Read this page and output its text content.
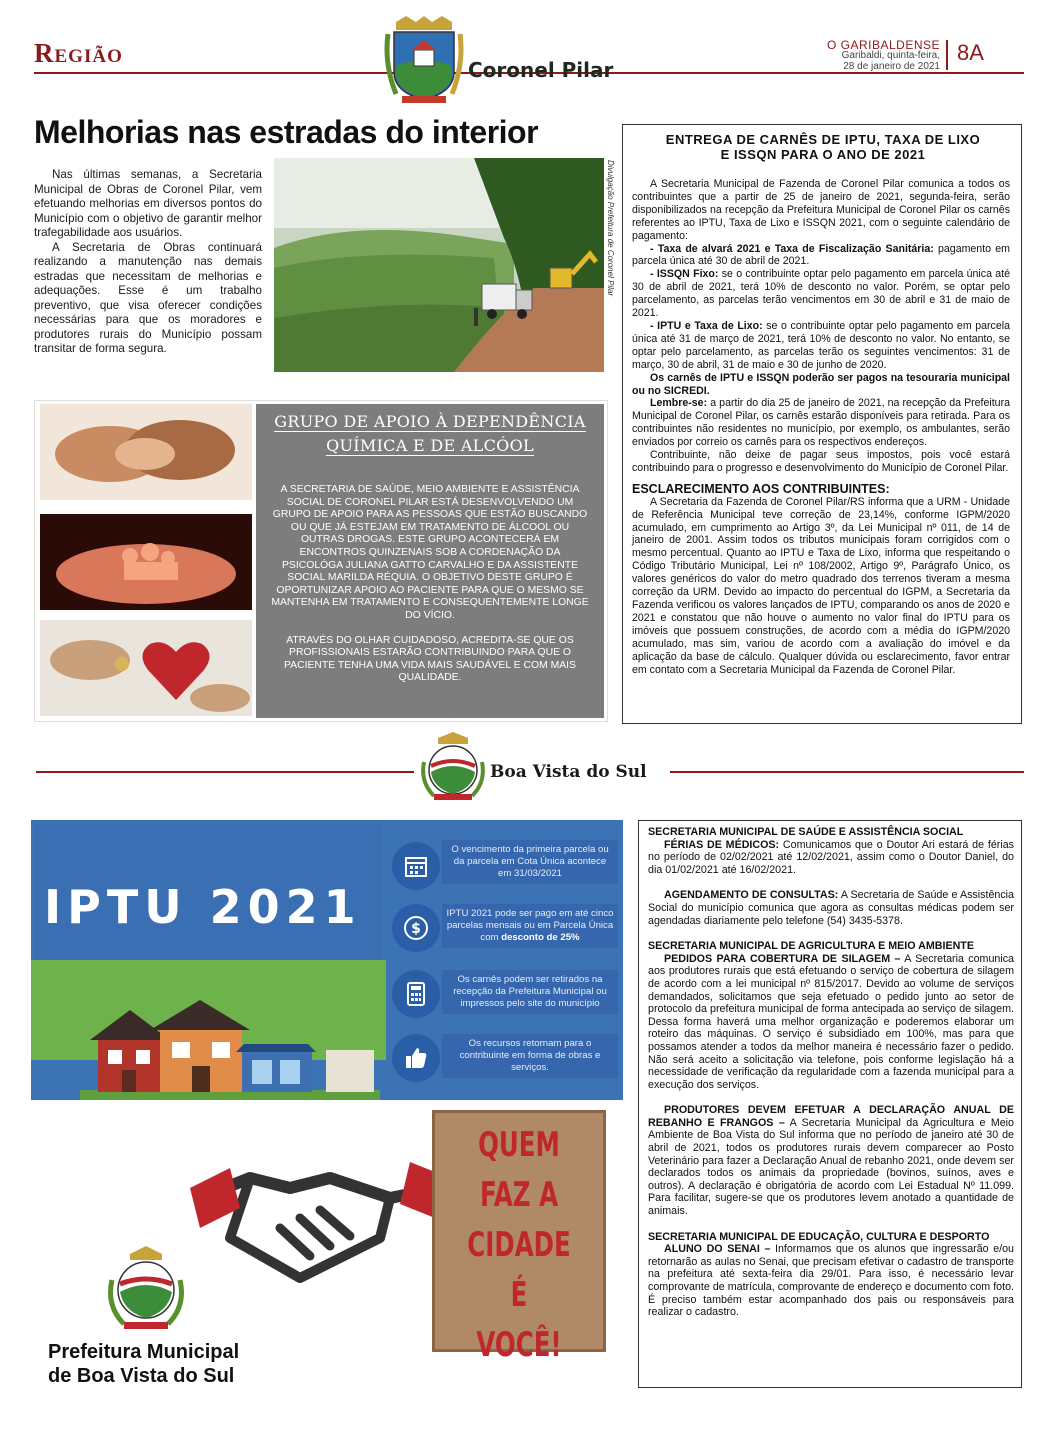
Região
Coronel Pilar
O GARIBALDENSE
Garibaldi, quinta-feira,
28 de janeiro de 2021
8A
Melhorias nas estradas do interior

Nas últimas semanas, a Secretaria Municipal de Obras de Coronel Pilar, vem efetuando melhorias em diversos pontos do Município com o objetivo de garantir melhor trafegabilidade aos usuários.

A Secretaria de Obras continuará realizando a manutenção nas demais estradas que necessitam de melhorias e adequações. Esse é um trabalho preventivo, que visa oferecer condições necessárias para que os moradores e produtores rurais do Município possam transitar de forma segura.

Divulgação Prefeitura de Coronel Pilar
GRUPO DE APOIO À DEPENDÊNCIA
QUÍMICA E DE ALCÓOL

A SECRETARIA DE SAÚDE, MEIO AMBIENTE E ASSISTÊNCIA SOCIAL DE CORONEL PILAR ESTÁ DESENVOLVENDO UM GRUPO DE APOIO PARA AS PESSOAS QUE ESTÃO BUSCANDO OU QUE JÁ ESTEJAM EM TRATAMENTO DE ÁLCOOL OU OUTRAS DROGAS. ESTE GRUPO ACONTECERÁ EM ENCONTROS QUINZENAIS SOB A CORDENAÇÃO DA PSICOLÓGA JULIANA GATTO CARVALHO E DA ASSISTENTE SOCIAL MARILDA RÉQUIA. O OBJETIVO DESTE GRUPO É OPORTUNIZAR APOIO AO PACIENTE PARA QUE O MESMO SE MANTENHA EM TRATAMENTO E CONSEQUENTEMENTE LONGE DO VÍCIO.

ATRAVÉS DO OLHAR CUIDADOSO, ACREDITA-SE QUE OS PROFISSIONAIS ESTARÃO CONTRIBUINDO PARA QUE O PACIENTE TENHA UMA VIDA MAIS SAUDÁVEL E COM MAIS QUALIDADE.

ENTREGA DE CARNÊS DE IPTU, TAXA DE LIXO
E ISSQN PARA O ANO DE 2021

A Secretaria Municipal de Fazenda de Coronel Pilar comunica a todos os contribuintes que a partir de 25 de janeiro de 2021, segunda-feira, serão disponibilizados na recepção da Prefeitura Municipal de Coronel Pilar os carnês referentes ao IPTU, Taxa de Lixo e ISSQN 2021, com o seguinte calendário de pagamento:

- Taxa de alvará 2021 e Taxa de Fiscalização Sanitária: pagamento em parcela única até 30 de abril de 2021.

- ISSQN Fixo: se o contribuinte optar pelo pagamento em parcela única até 30 de abril de 2021, terá 10% de desconto no valor. Porém, se optar pelo parcelamento, as parcelas terão vencimentos em 30 de abril e 31 de maio de 2021.

- IPTU e Taxa de Lixo: se o contribuinte optar pelo pagamento em parcela única até 31 de março de 2021, terá 10% de desconto no valor. No entanto, se optar pelo parcelamento, as parcelas terão os seguintes vencimentos: 31 de março, 30 de abril, 31 de maio e 30 de junho de 2020.

Os carnês de IPTU e ISSQN poderão ser pagos na tesouraria municipal ou no SICREDI.

Lembre-se: a partir do dia 25 de janeiro de 2021, na recepção da Prefeitura Municipal de Coronel Pilar, os carnês estarão disponíveis para retirada. Para os contribuintes não residentes no município, por exemplo, os ambulantes, serão enviados por correio os carnês para os respectivos endereços.

Contribuinte, não deixe de pagar seus impostos, pois você estará contribuindo para o progresso e desenvolvimento do Município de Coronel Pilar.

ESCLARECIMENTO AOS CONTRIBUINTES:

A Secretaria da Fazenda de Coronel Pilar/RS informa que a URM - Unidade de Referência Municipal teve correção de 23,14%, conforme IGPM/2020 acumulado, em cumprimento ao Artigo 3º, da Lei Municipal nº 011, de 14 de janeiro de 2001. Assim todos os tributos municipais foram corrigidos com o mesmo percentual. Quanto ao IPTU e Taxa de Lixo, informa que respeitando o Código Tributário Municipal, Lei nº 108/2002, Artigo 9º, Parágrafo Único, os valores genéricos do valor do metro quadrado dos terrenos tiveram a mesma correção da URM. Devido ao impacto do percentual do IGPM, a Secretaria da Fazenda verificou os valores lançados de IPTU, comparando os anos de 2020 e 2021 e constatou que não houve o aumento no valor final do IPTU para os imóveis que possuem construções, de acordo com a média do IGPM/2020 acumulado, mas sim, variou de acordo com a avaliação do imóvel e da aplicação da base de cálculo. Qualquer dúvida ou esclarecimento, favor entrar em contato com a Secretaria Municipal da Fazenda de Coronel Pilar.

Boa Vista do Sul
IPTU 2021
O vencimento da primeira parcela ou da parcela em Cota Única acontece em 31/03/2021
$
IPTU 2021 pode ser pago em até cinco parcelas mensais ou em Parcela Única com desconto de 25%
Os carnês podem ser retirados na recepção da Prefeitura Municipal ou impressos pelo site do município
Os recursos retornam para o contribuinte em forma de obras e serviços.
QUEM
FAZ A
CIDADE É
VOCÊ!
Prefeitura Municipal
de Boa Vista do Sul
SECRETARIA MUNICIPAL DE SAÚDE E ASSISTÊNCIA SOCIAL

FÉRIAS DE MÉDICOS: Comunicamos que o Doutor Ari estará de férias no período de 02/02/2021 até 12/02/2021, assim como o Doutor Daniel, do dia 01/02/2021 até 16/02/2021.

AGENDAMENTO DE CONSULTAS: A Secretaria de Saúde e Assistência Social do município comunica que agora as consultas médicas podem ser agendadas diariamente pelo telefone (54) 3435-5378.

SECRETARIA MUNICIPAL DE AGRICULTURA E MEIO AMBIENTE

PEDIDOS PARA COBERTURA DE SILAGEM – A Secretaria comunica aos produtores rurais que está efetuando o serviço de cobertura de silagem de acordo com a lei municipal nº 815/2017. Devido ao volume de serviços demandados, solicitamos que seja efetuado o pedido junto ao setor de protocolo da prefeitura municipal de forma antecipada ao serviço de silagem. Dessa forma haverá uma melhor organização e poderemos elaborar um roteiro das máquinas. O serviço é subsidiado em 100%, mas para que possamos atender a todos da melhor maneira é necessário fazer o pedido. Não será aceito a solicitação via telefone, pois conforme legislação há a necessidade de verificação da regularidade com a fazenda municipal para a execução dos serviços.

PRODUTORES DEVEM EFETUAR A DECLARAÇÃO ANUAL DE REBANHO E FRANGOS – A Secretaria Municipal da Agricultura e Meio Ambiente de Boa Vista do Sul informa que no período de janeiro até 30 de abril de 2021, todos os produtores rurais devem comparecer ao Posto Veterinário para fazer a Declaração Anual de rebanho 2021, onde devem ser declarados todos os animais da propriedade (bovinos, suínos, aves e outros). A declaração é obrigatória de acordo com Lei Estadual Nº 11.099. Para facilitar, sugere-se que os produtores levem anotado a quantidade de animais.

SECRETARIA MUNICIPAL DE EDUCAÇÃO, CULTURA E DESPORTO

ALUNO DO SENAI – Informamos que os alunos que ingressarão e/ou retornarão as aulas no Senai, que precisam efetivar o cadastro de transporte na prefeitura até sexta-feira dia 29/01. Para isso, é necessário levar comprovante de matrícula, comprovante de endereço e documento com foto. É preciso também estar acompanhado dos pais ou responsáveis para realizar o cadastro.
